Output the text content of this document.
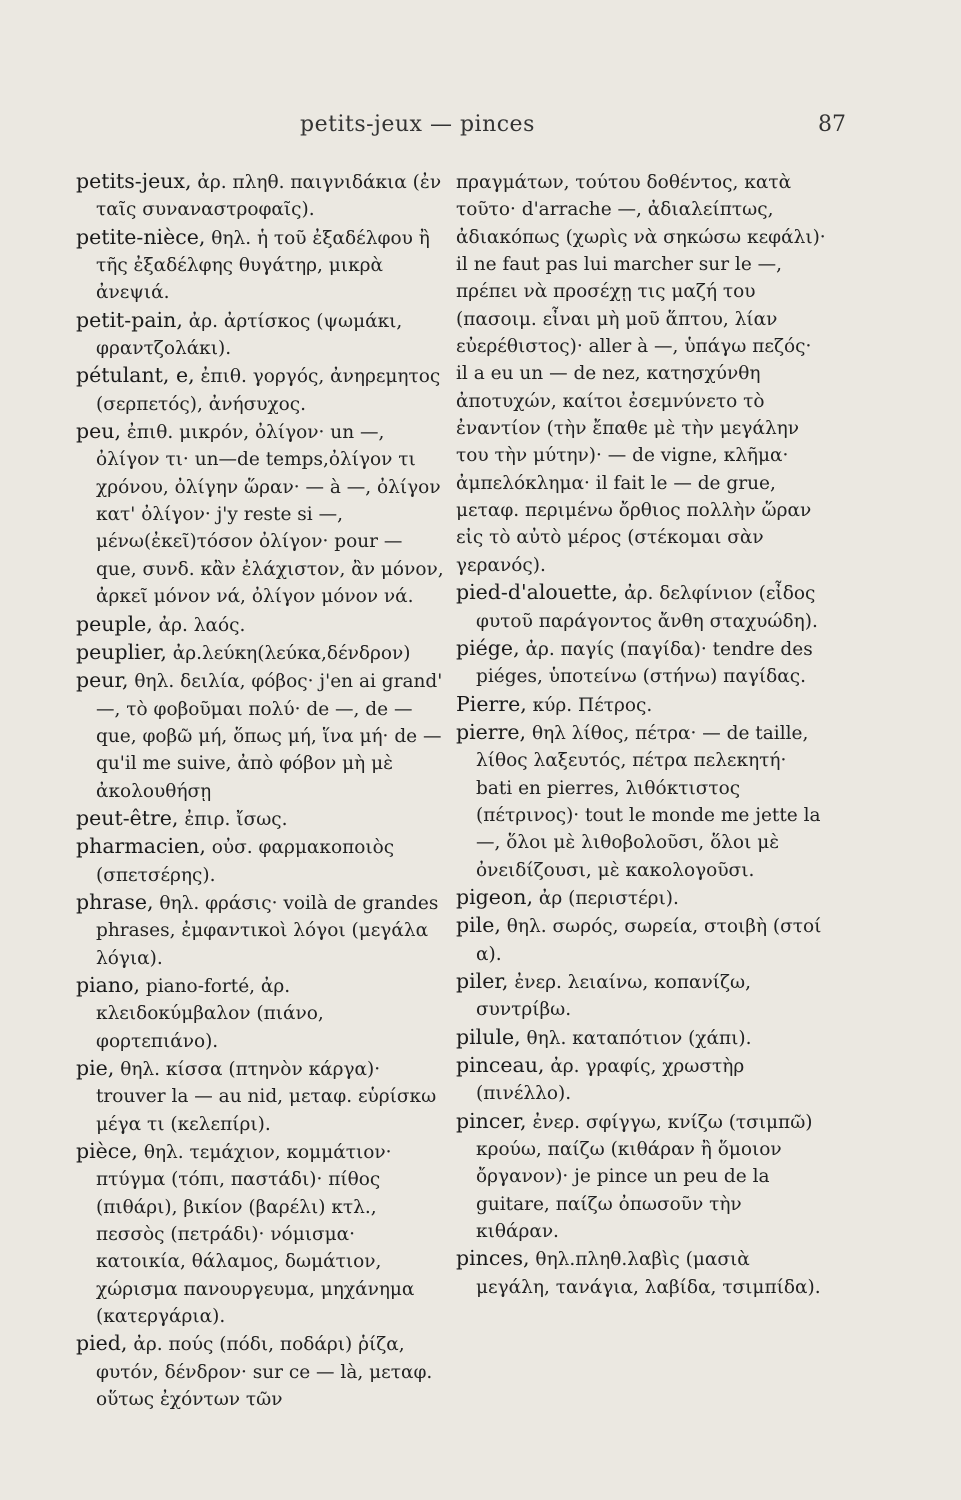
petits-jeux — pinces	87

petits-jeux, ἀρ. πληθ. παιγνιδάκια (ἐν ταῖς συναναστροφαῖς).

petite-nièce, θηλ. ἡ τοῦ ἐξαδέλφου ἢ τῆς ἐξαδέλφης θυγάτηρ, μικρὰ ἀνεψιά.

petit-pain, ἀρ. ἀρτίσκος (ψωμάκι, φραντζολάκι).

pétulant, e, ἐπιθ. γοργός, ἀνηρεμητος (σερπετός), ἀνήσυχος.

peu, ἐπιθ. μικρόν, ὀλίγον· un —, ὀλίγον τι· un—de temps,ὀλίγον τι χρόνου, ὀλίγην ὥραν· — à —, ὀλίγον κατ' ὀλίγον· j'y reste si —, μένω(ἐκεῖ)τόσον ὀλίγον· pour — que, συνδ. κἂν ἐλάχιστον, ἂν μόνον, ἀρκεῖ μόνον νά, ὀλίγον μόνον νά.

peuple, ἀρ. λαός.

peuplier, ἀρ.λεύκη(λεύκα,δένδρον)

peur, θηλ. δειλία, φόβος· j'en ai grand' —, τὸ φοβοῦμαι πολύ· de —, de — que, φοβῶ μή, ὅπως μή, ἵνα μή· de — qu'il me suive, ἀπὸ φόβον μὴ μὲ ἀκολουθήσῃ

peut-être, ἐπιρ. ἴσως.

pharmacien, οὐσ. φαρμακοποιὸς (σπετσέρης).

phrase, θηλ. φράσις· voilà de grandes phrases, ἐμφαντικοὶ λόγοι (μεγάλα λόγια).

piano, piano-forté, ἀρ. κλειδοκύμβαλον (πιάνο, φορτεπιάνο).

pie, θηλ. κίσσα (πτηνὸν κάργα)· trouver la — au nid, μεταφ. εὑρίσκω μέγα τι (κελεπίρι).

pièce, θηλ. τεμάχιον, κομμάτιον· πτύγμα (τόπι, παστάδι)· πίθος (πιθάρι), βικίον (βαρέλι) κτλ., πεσσὸς (πετράδι)· νόμισμα· κατοικία, θάλαμος, δωμάτιον, χώρισμα πανουργευμα, μηχάνημα (κατεργάρια).

pied, ἀρ. πούς (πόδι, ποδάρι) ῥίζα, φυτόν, δένδρον· sur ce — là, μεταφ. οὕτως ἐχόντων τῶν

πραγμάτων, τούτου δοθέντος, κατὰ τοῦτο· d'arrache —, ἀδιαλείπτως, ἀδιακόπως (χωρὶς νὰ σηκώσω κεφάλι)· il ne faut pas lui marcher sur le —, πρέπει νὰ προσέχῃ τις μαζή του (πασοιμ. εἶναι μὴ μοῦ ἅπτου, λίαν εὐερέθιστος)· aller à —, ὑπάγω πεζός· il a eu un — de nez, κατησχύνθη ἀποτυχών, καίτοι ἐσεμνύνετο τὸ ἐναντίον (τὴν ἔπαθε μὲ τὴν μεγάλην του τὴν μύτην)· — de vigne, κλῆμα· ἀμπελόκλημα· il fait le — de grue, μεταφ. περιμένω ὄρθιος πολλὴν ὥραν εἰς τὸ αὐτὸ μέρος (στέκομαι σὰν γερανός).

pied-d'alouette, ἀρ. δελφίνιον (εἶδος φυτοῦ παράγοντος ἄνθη σταχυώδη).

piége, ἀρ. παγίς (παγίδα)· tendre des piéges, ὑποτείνω (στήνω) παγίδας.

Pierre, κύρ. Πέτρος.

pierre, θηλ λίθος, πέτρα· — de taille, λίθος λαξευτός, πέτρα πελεκητή· bati en pierres, λιθόκτιστος (πέτρινος)· tout le monde me jette la —, ὅλοι μὲ λιθοβολοῦσι, ὅλοι μὲ ὀνειδίζουσι, μὲ κακολογοῦσι.

pigeon, ἀρ (περιστέρι).

pile, θηλ. σωρός, σωρεία, στοιβὴ (στοί α).

piler, ἐνερ. λειαίνω, κοπανίζω, συντρίβω.

pilule, θηλ. καταπότιον (χάπι).

pinceau, ἀρ. γραφίς, χρωστὴρ (πινέλλο).

pincer, ἐνερ. σφίγγω, κνίζω (τσιμπῶ) κρούω, παίζω (κιθάραν ἢ ὅμοιον ὄργανον)· je pince un peu de la guitare, παίζω ὀπωσοῦν τὴν κιθάραν.

pinces, θηλ.πληθ.λαβὶς (μασιὰ μεγάλη, τανάγια, λαβίδα, τσιμπίδα).
